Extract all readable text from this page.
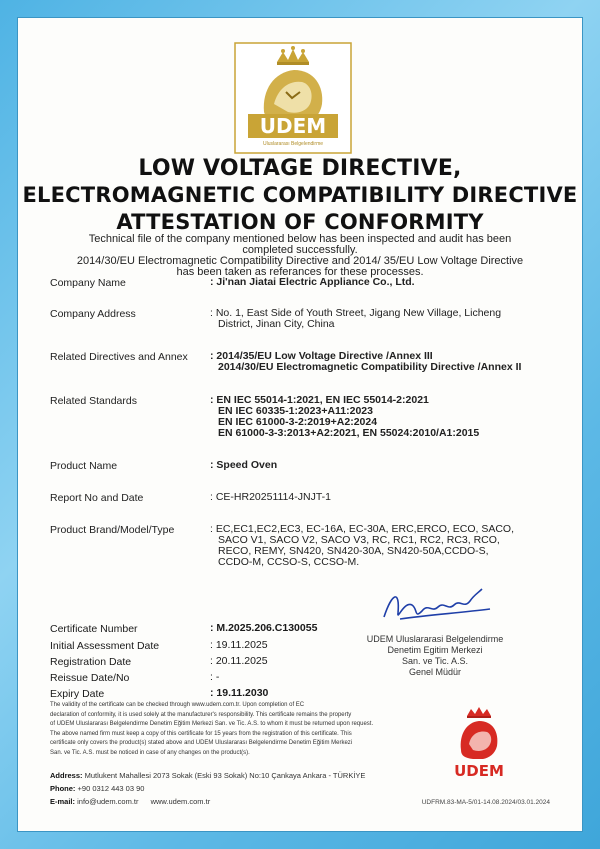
UDEM
Uluslararası Belgelendirme
LOW VOLTAGE DIRECTIVE,
ELECTROMAGNETIC COMPATIBILITY DIRECTIVE
ATTESTATION OF CONFORMITY
Technical file of the company mentioned below has been inspected and audit has been
completed successfully.
2014/30/EU Electromagnetic Compatibility Directive and 2014/ 35/EU Low Voltage Directive
has been taken as referances for these processes.
Company Name	: Ji'nan Jiatai Electric Appliance Co., Ltd.
Company Address	: No. 1, East Side of Youth Street, Jigang New Village, Licheng
District, Jinan City, China
Related Directives and Annex	: 2014/35/EU Low Voltage Directive /Annex III
2014/30/EU Electromagnetic Compatibility Directive /Annex II
Related Standards	: EN IEC 55014-1:2021, EN IEC 55014-2:2021
EN IEC 60335-1:2023+A11:2023
EN IEC 61000-3-2:2019+A2:2024
EN 61000-3-3:2013+A2:2021, EN 55024:2010/A1:2015
Product Name	: Speed Oven
Report No and Date	: CE-HR20251114-JNJT-1
Product Brand/Model/Type	: EC,EC1,EC2,EC3, EC-16A, EC-30A, ERC,ERCO, ECO, SACO,
SACO V1, SACO V2, SACO V3, RC, RC1, RC2, RC3, RCO,
RECO, REMY, SN420, SN420-30A, SN420-50A,CCDO-S,
CCDO-M, CCSO-S, CCSO-M.
UDEM Uluslararasi Belgelendirme
Denetim Egitim Merkezi
San. ve Tic. A.S.
Genel Müdür
Certificate Number	: M.2025.206.C130055
Initial Assessment Date	: 19.11.2025
Registration Date	: 20.11.2025
Reissue Date/No	: -
Expiry Date	: 19.11.2030
The validity of the certificate can be checked through www.udem.com.tr. Upon completion of EC
declaration of conformity, it is used solely at the manufacturer's responsibility. This certificate remains the property
of UDEM Uluslararası Belgelendirme Denetim Eğitim Merkezi San. ve Tic. A.S. to whom it must be returned upon request.
The above named firm must keep a copy of this certificate for 15 years from the registration of this certificate. This
certificate only covers the product(s) stated above and UDEM Uluslararası Belgelendirme Denetim Eğitim Merkezi
San. ve Tic. A.S. must be noticed in case of any changes on the product(s).
UDEM
Address: Mutlukent Mahallesi 2073 Sokak (Eski 93 Sokak) No:10 Çankaya Ankara - TÜRKİYE
Phone: +90 0312 443 03 90
E-mail: info@udem.com.tr www.udem.com.tr	UDFRM.83-MA-5/01-14.08.2024/03.01.2024
